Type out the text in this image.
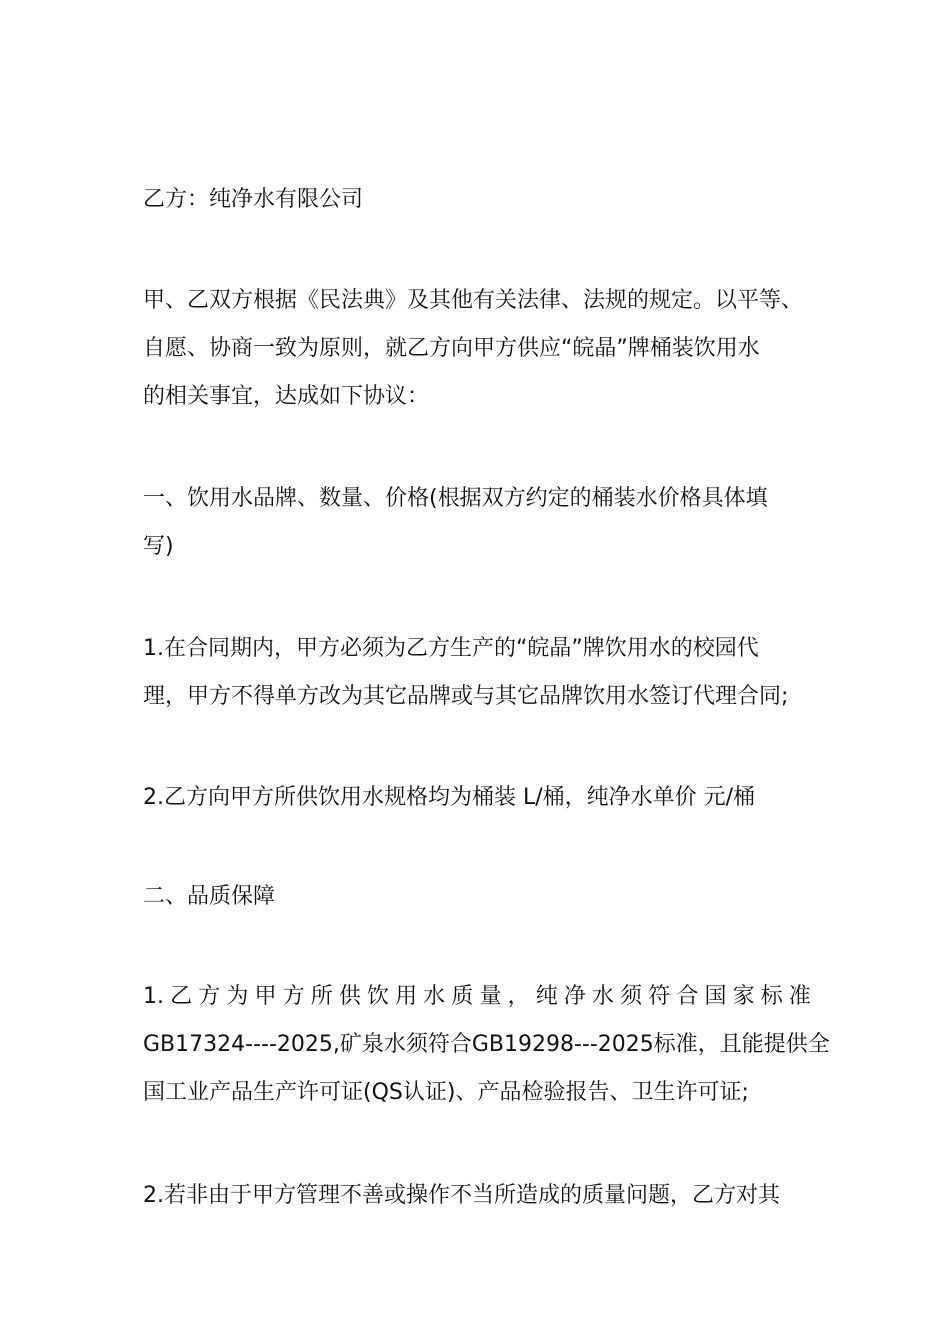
乙方：纯净水有限公司

甲、乙双方根据《民法典》及其他有关法律、法规的规定。以平等、
自愿、协商一致为原则，就乙方向甲方供应“皖晶”牌桶装饮用水
的相关事宜，达成如下协议：

一、饮用水品牌、数量、价格(根据双方约定的桶装水价格具体填
写)

1.在合同期内，甲方必须为乙方生产的“皖晶”牌饮用水的校园代
理，甲方不得单方改为其它品牌或与其它品牌饮用水签订代理合同;

2.乙方向甲方所供饮用水规格均为桶装 L/桶，纯净水单价 元/桶

二、品质保障

1. 乙 方 为 甲 方 所 供 饮 用 水 质 量 ， 纯 净 水 须 符 合 国 家 标 准
GB17324----2025,矿泉水须符合GB19298---2025标准，且能提供全
国工业产品生产许可证(QS认证)、产品检验报告、卫生许可证;

2.若非由于甲方管理不善或操作不当所造成的质量问题，乙方对其
